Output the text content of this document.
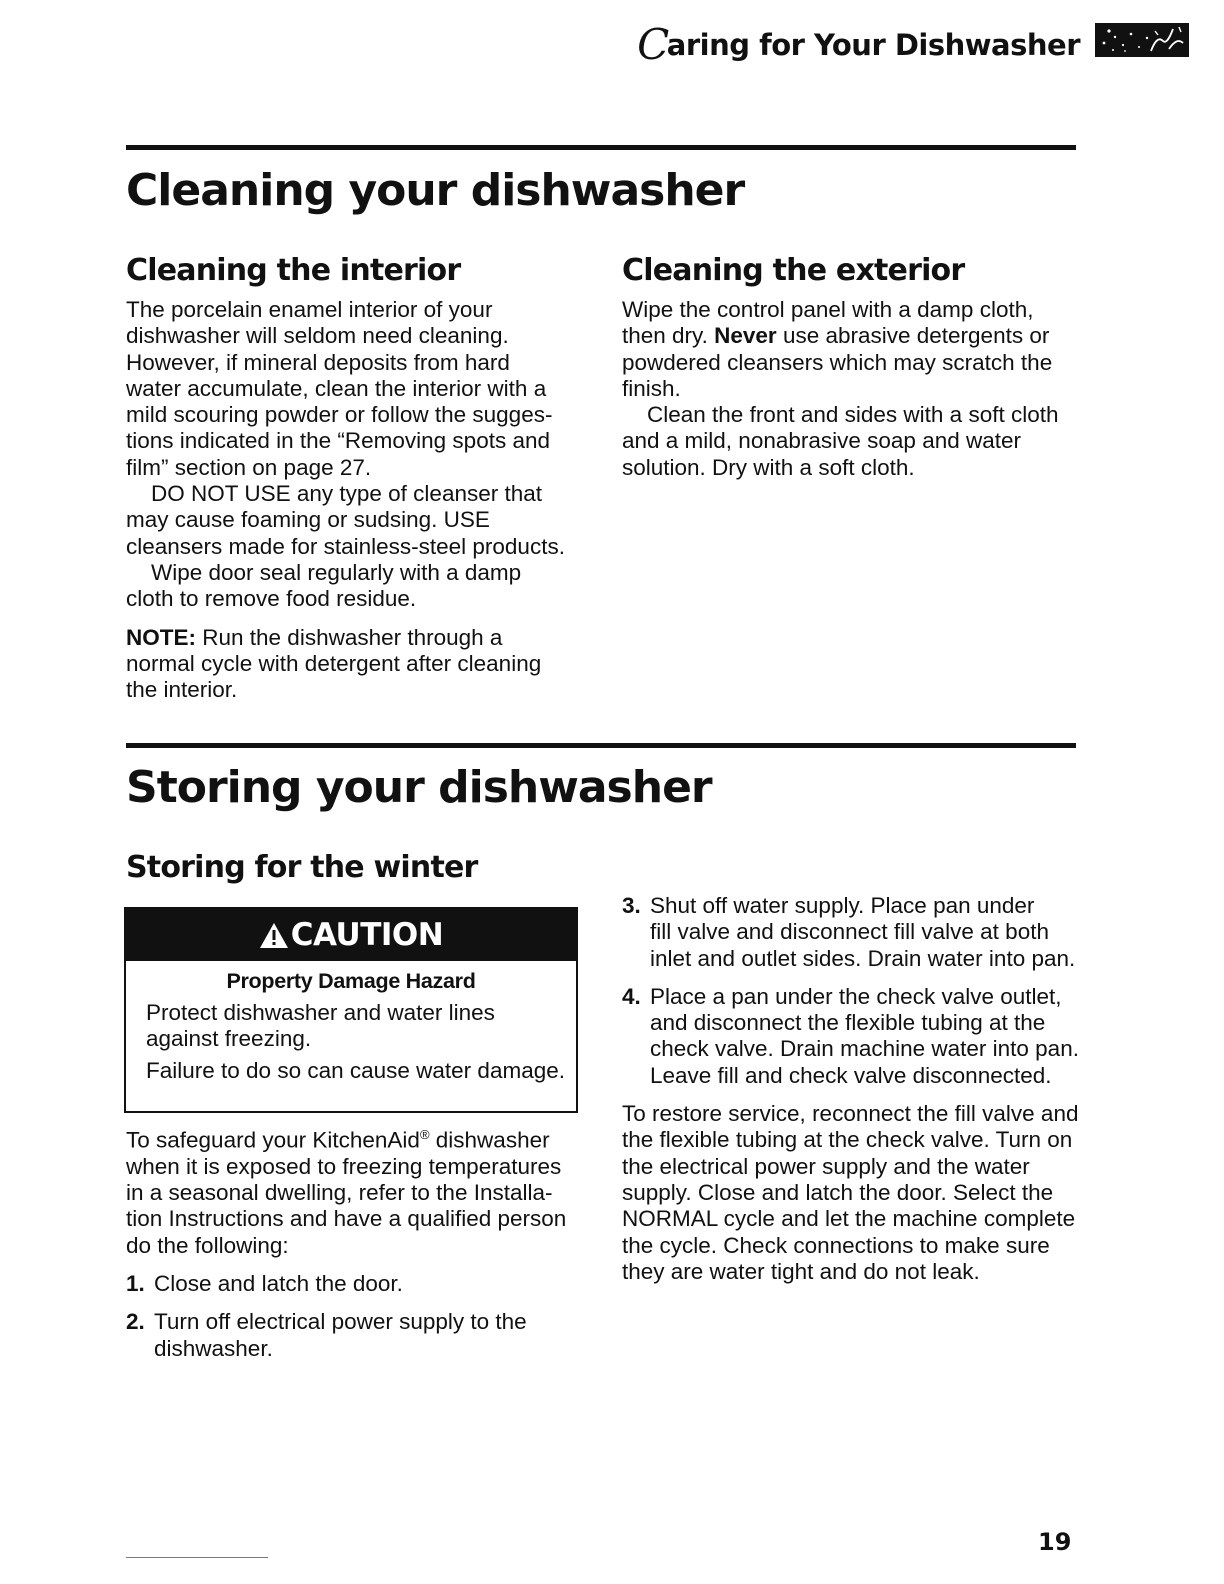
Caring for Your Dishwasher
Cleaning your dishwasher
Cleaning the interior

The porcelain enamel interior of your
dishwasher will seldom need cleaning.
However, if mineral deposits from hard
water accumulate, clean the interior with a
mild scouring powder or follow the sugges-
tions indicated in the “Removing spots and
film” section on page 27.

DO NOT USE any type of cleanser that

may cause foaming or sudsing. USE
cleansers made for stainless-steel products.

Wipe door seal regularly with a damp

cloth to remove food residue.

NOTE: Run the dishwasher through a
normal cycle with detergent after cleaning
the interior.

Cleaning the exterior

Wipe the control panel with a damp cloth,
then dry. Never use abrasive detergents or
powdered cleansers which may scratch the
finish.

Clean the front and sides with a soft cloth

and a mild, nonabrasive soap and water
solution. Dry with a soft cloth.

Storing your dishwasher
Storing for the winter
CAUTION
Property Damage Hazard

Protect dishwasher and water lines
against freezing.

Failure to do so can cause water damage.

To safeguard your KitchenAid® dishwasher
when it is exposed to freezing temperatures
in a seasonal dwelling, refer to the Installa-
tion Instructions and have a qualified person
do the following:

1. Close and latch the door.
2. Turn off electrical power supply to the
dishwasher.
3. Shut off water supply. Place pan under
fill valve and disconnect fill valve at both
inlet and outlet sides. Drain water into pan.
4. Place a pan under the check valve outlet,
and disconnect the flexible tubing at the
check valve. Drain machine water into pan.
Leave fill and check valve disconnected.

To restore service, reconnect the fill valve and
the flexible tubing at the check valve. Turn on
the electrical power supply and the water
supply. Close and latch the door. Select the
NORMAL cycle and let the machine complete
the cycle. Check connections to make sure
they are water tight and do not leak.

19
